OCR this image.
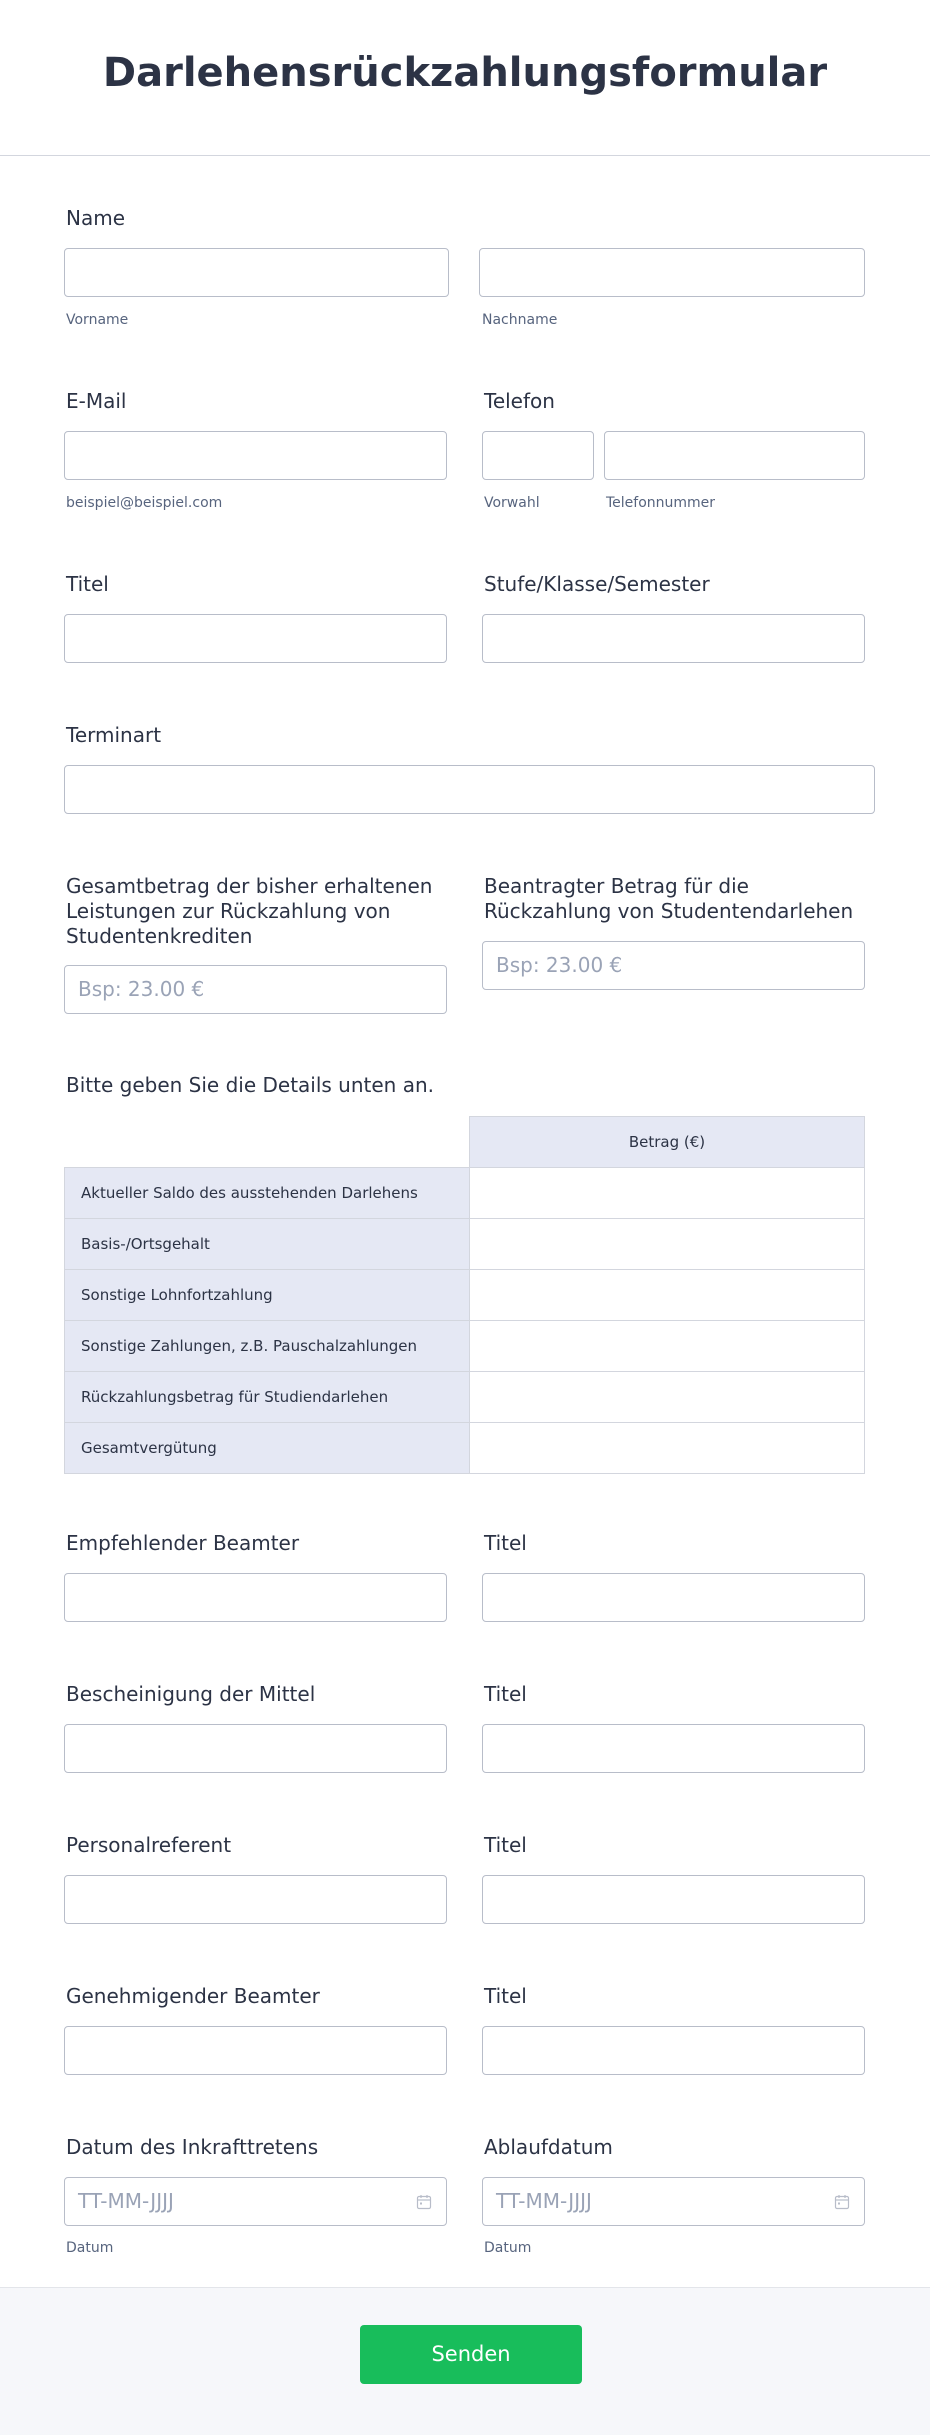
Darlehensrückzahlungsformular
Name
Vorname	Nachname
E-Mail
beispiel@beispiel.com
Telefon
Vorwahl	Telefonnummer
Titel	Stufe/Klasse/Semester
Terminart
Gesamtbetrag der bisher erhaltenen Leistungen zur Rückzahlung von Studentenkrediten
Bsp: 23.00 €
Beantragter Betrag für die Rückzahlung von Studentendarlehen
Bsp: 23.00 €
Bitte geben Sie die Details unten an.
	Betrag (€)
Aktueller Saldo des ausstehenden Darlehens	
Basis-/Ortsgehalt	
Sonstige Lohnfortzahlung	
Sonstige Zahlungen, z.B. Pauschalzahlungen	
Rückzahlungsbetrag für Studiendarlehen	
Gesamtvergütung	
Empfehlender Beamter	Titel
Bescheinigung der Mittel	Titel
Personalreferent	Titel
Genehmigender Beamter	Titel
Datum des Inkrafttretens
TT-MM-JJJJ
Datum
Ablaufdatum
TT-MM-JJJJ
Datum
Senden
